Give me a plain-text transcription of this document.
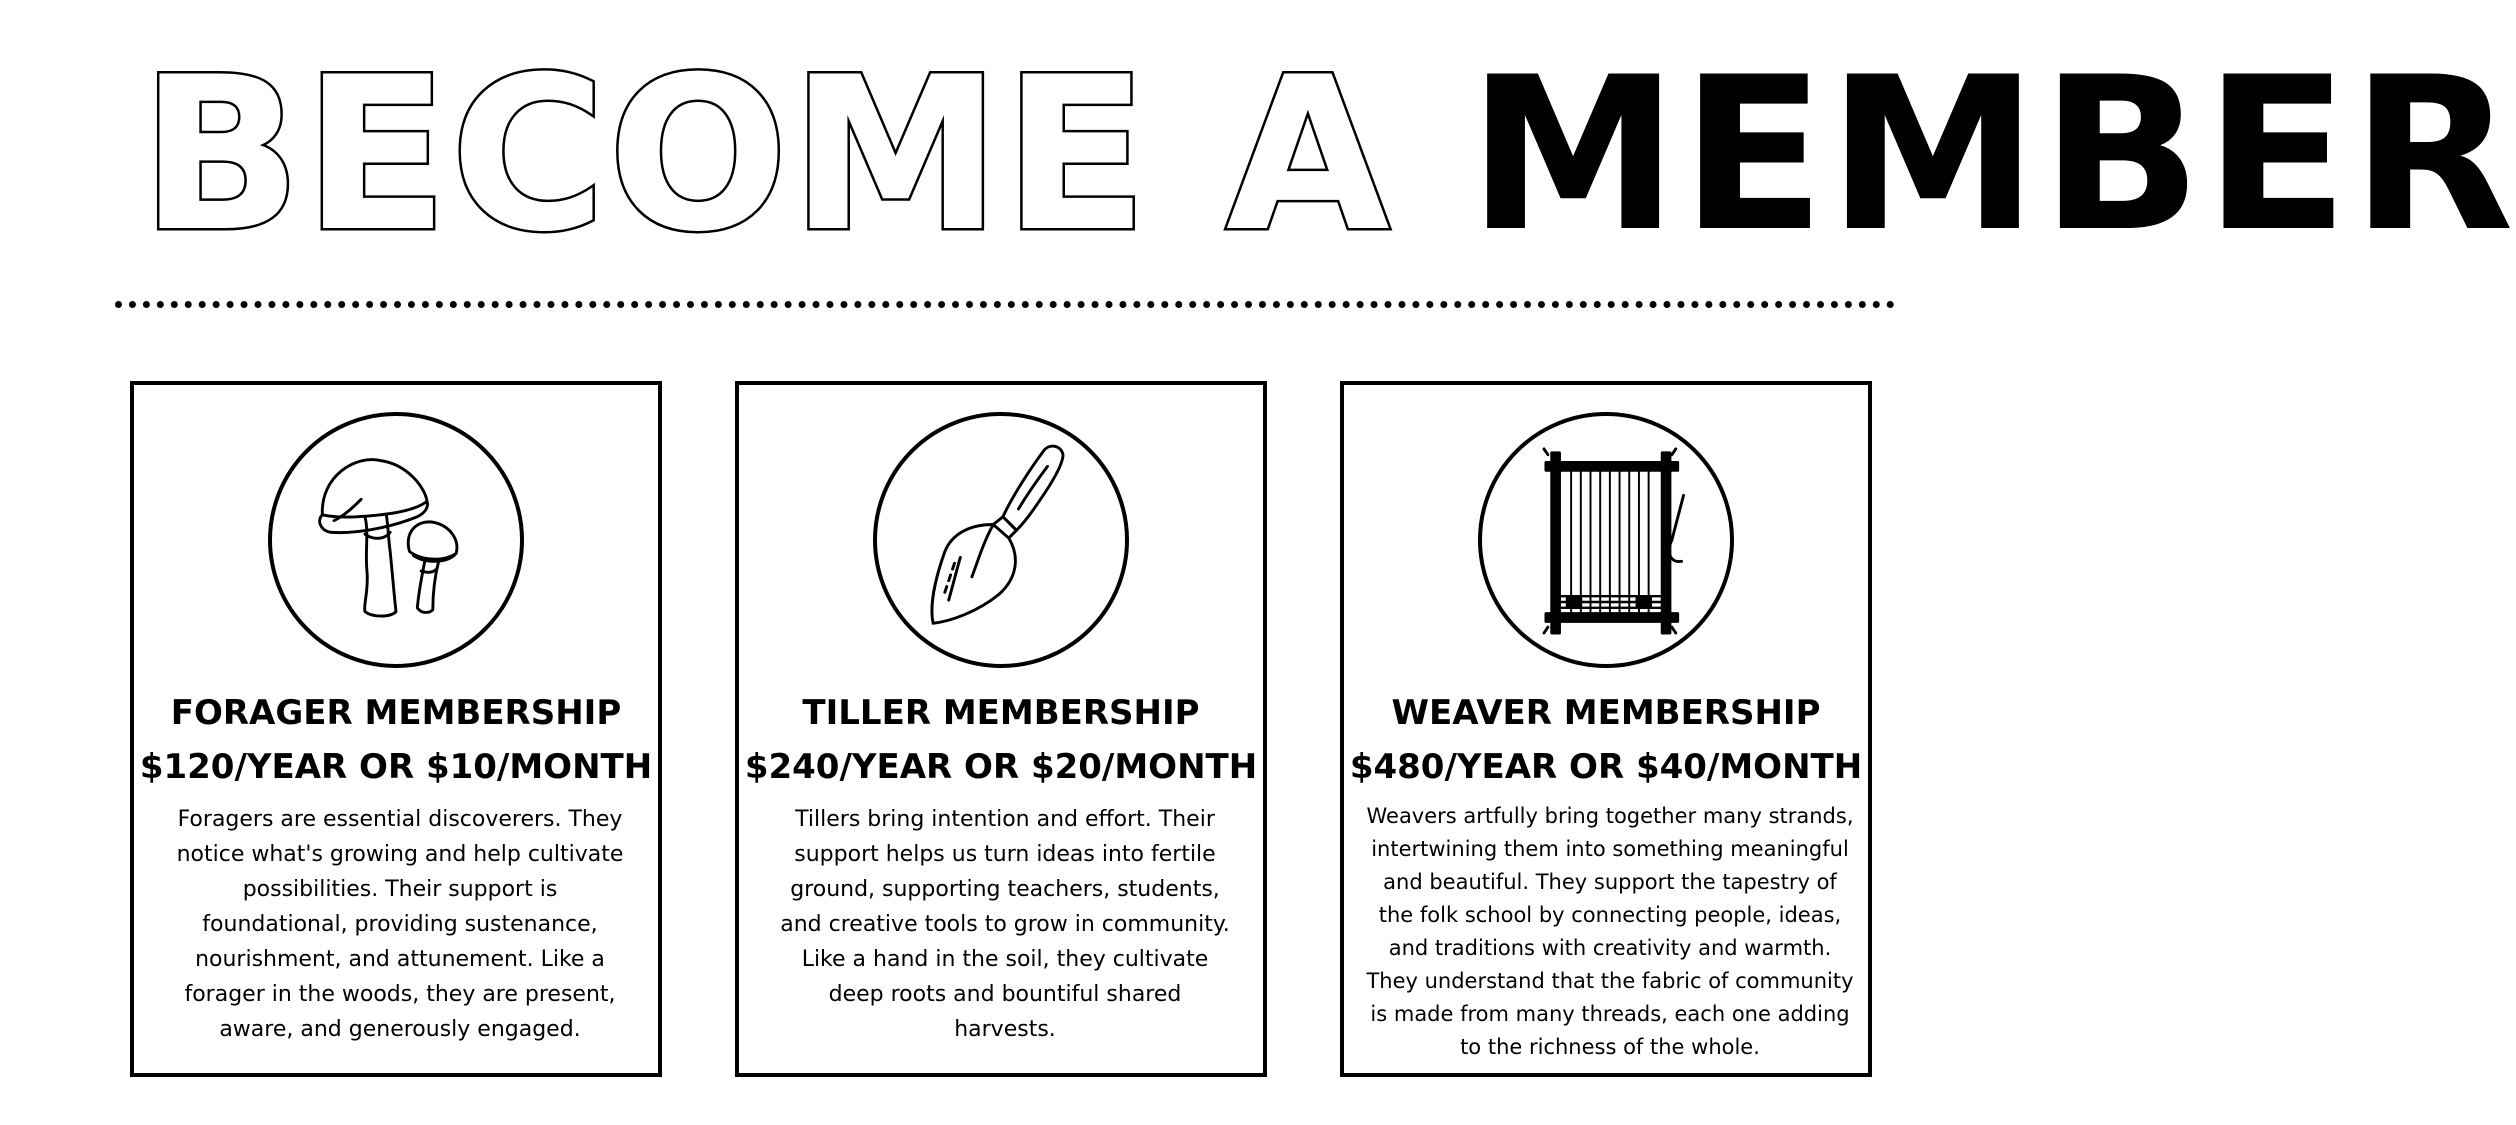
BECOME A MEMBER
FORAGER MEMBERSHIP
$120/YEAR OR $10/MONTH
Foragers are essential discoverers. They notice what's growing and help cultivate possibilities. Their support is foundational, providing sustenance, nourishment, and attunement. Like a forager in the woods, they are present, aware, and generously engaged.
TILLER MEMBERSHIP
$240/YEAR OR $20/MONTH
Tillers bring intention and effort. Their support helps us turn ideas into fertile ground, supporting teachers, students, and creative tools to grow in community. Like a hand in the soil, they cultivate deep roots and bountiful shared harvests.
WEAVER MEMBERSHIP
$480/YEAR OR $40/MONTH
Weavers artfully bring together many strands, intertwining them into something meaningful and beautiful. They support the tapestry of the folk school by connecting people, ideas, and traditions with creativity and warmth. They understand that the fabric of community is made from many threads, each one adding to the richness of the whole.
